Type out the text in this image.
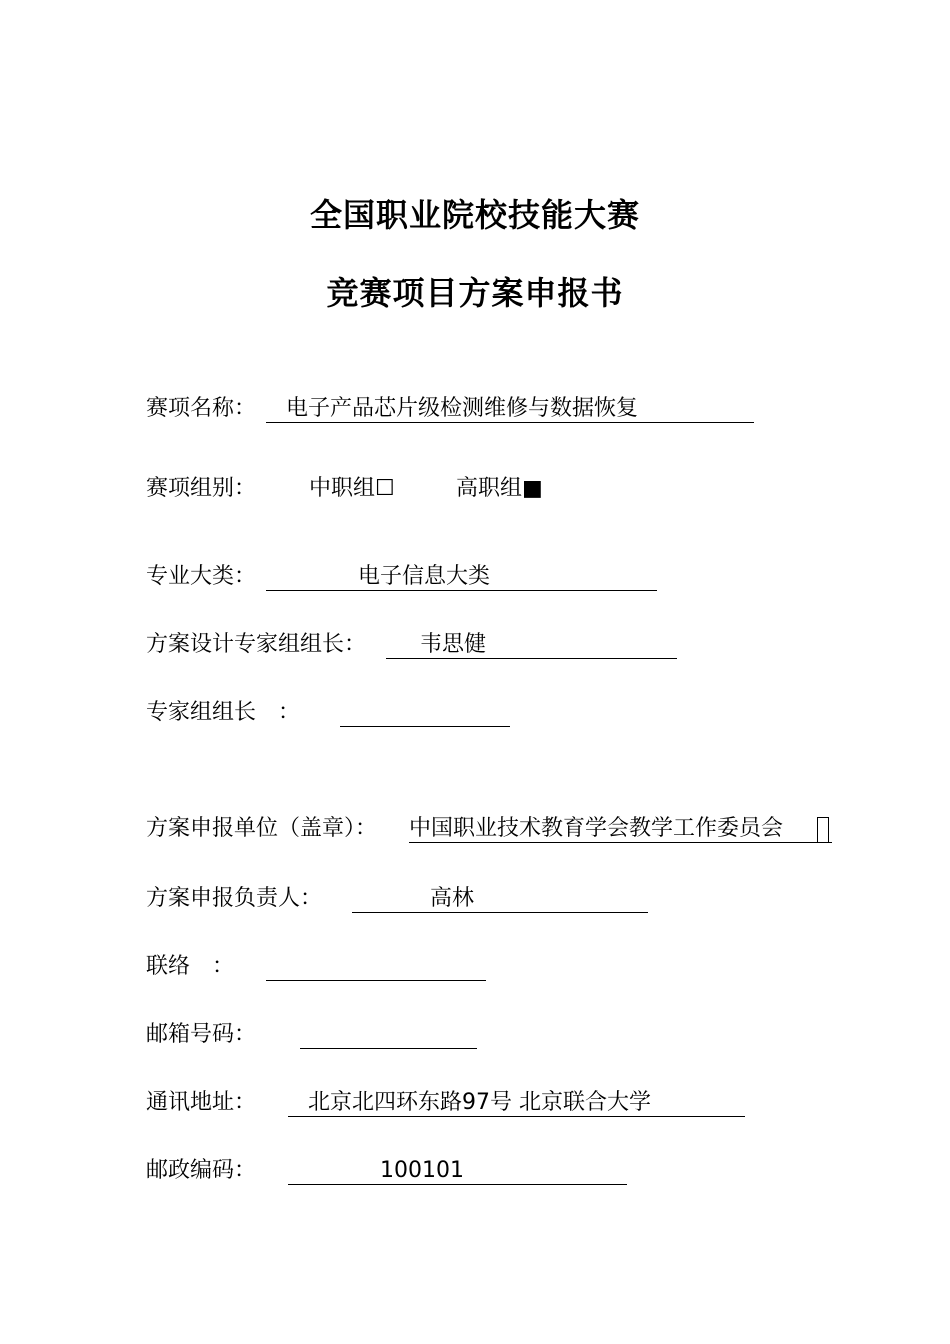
全国职业院校技能大赛
竞赛项目方案申报书
赛项名称： 电子产品芯片级检测维修与数据恢复
赛项组别： 中职组☐	高职组■
专业大类：	电子信息大类
方案设计专家组组长： 韦思健
专家组组长　：
方案申报单位（盖章）： 中国职业技术教育学会教学工作委员会
方案申报负责人：	高林
联络　：
邮箱号码：
通讯地址： 北京北四环东路97号 北京联合大学
邮政编码：	100101
